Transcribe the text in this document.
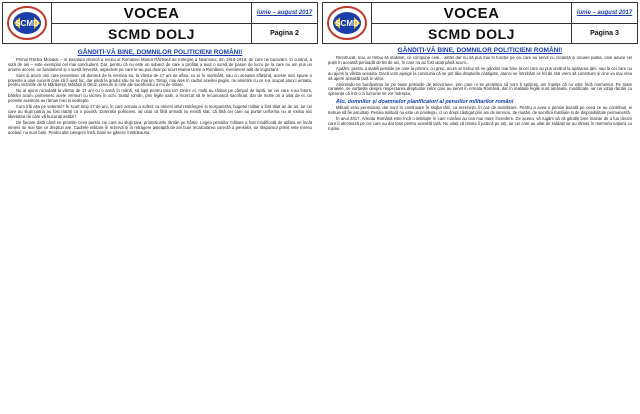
SCMD
VOCEA	iunie – august 2017
SCMD DOLJ	Pagina 2
GÂNDIȚI-VĂ BINE, DOMNILOR POLITICIENI ROMÂNI!

Primul Război Mondial – în literatura istorică a evului al României Marea Războiul de Întregire a Neamului, din 1916-1918, de care ne bucurăm. În curând, a sută de ani – este exemplul cel mai concludent. Dar, pentru că nu este un subiect de care a profitat a avut o sumă de pasuri de lucru pe la care nu am pus un anume accent, un fundament și o sursă ferventă, aspectele pe care le-au pus doar pe scurt Marea Unire a României, eveniment atât de important.

Sunt și acum unii care povestesc că domnul de la vremea sa, la vârsta de 17 ani se aflau, cu ei în mormânt, sau cu aceasta sfârșind, aceste mici spune o poveste a unei cuceriri care să fi avut loc, dar până la gradul său nu se mai țin. Totuși, mai ales în cadrul acestei pagini, ne amintim cu ce s-a ocupat atunci armata, pentru victoriile de la Mărășești, Mărăști și Oituz, precum și cele ale sacrificiului a mii de ostași.

Nu ai ajuns niciodată la vârsta de 17 ani cu o armă în mână, să lupți pentru țara ta? Dintre ei, mulți au rămas pe câmpul de luptă, iar cei care s-au întors, bătrâni acum, pomenesc acele vremuri cu lacrimi în ochi. Statul român, prin legile sale, a încercat să le recunoască sacrificiul, dar de multe ori a uitat de ei, iar pensiile acestora au rămas mici și nedrepte.

Cum trăi așa pe veterani? În scurt timp 27 de ani, în care armata a suferit ca nimeni altul restrângeri și reorganizări, bugetul militar a fost tăiat an de an, iar cei care au slujit patria au fost tratați ca o povară. Domnilor politicieni, ați uitat că fără armată nu există stat, că fără cei care au purtat uniforma nu ar exista nici libertatea de care vă bucurați astăzi?

De fiecare dată când se promite ceva pentru cei care au slujit țara, promisiunile rămân pe hârtie. Legea pensiilor militare a fost modificată de atâtea ori încât nimeni nu mai știe ce drepturi are. Cadrele militare în rezervă și în retragere așteaptă de ani buni recalcularea corectă a pensiilor, iar răspunsul primit este mereu același: nu sunt bani. Pentru alte categorii însă, banii se găsesc întotdeauna.

SCMD
VOCEA	iunie – august 2017
SCMD DOLJ	Pagina 3
GÂNDIȚI-VĂ BINE, DOMNILOR POLITICIENI ROMÂNI!

Reîntrucât, mai, ar trebui să stabilim, ce compune cele... astfel dar nu să pus mai în funcție pe cei care au servit cu credință și onoare patria, care aduce cel puțin în această perioadă de 50 de ani, în care nu au fost uitați până acum...

Ajutăm, pentru a stabili pensiile pe care la primim, cu greu, acum ar trebui să ne gândim mai bine la cei care au pus umărul la apărarea țării, sau la cei care nu au ajuns la vârsta aceasta. Dacă vom ajunge la concluzia că se pot tăia drepturile câștigate, atunci ne întrebăm ce fel de stat vrem să construim și cine va mai vrea să apere această țară în viitor.

Amintindu-ne bunăvoința lor pe toate posturile de televiziune, prin care ni se promitea că vom fi sprijiniți, am înțeles că nu este încă momentul. Pe toate canalele, se vorbește despre respectarea drepturilor celor care au servit în Armata Română, dar în realitate legile sunt amânate, modificate, iar cei vizați rămân cu speranța că într-o zi lucrurile se vor îndrepta.

Alo, domnilor și doamnelor planificatori al pensiilor militarilor români

Militarii erau pensionați, dar sunt în continuare în slujba țării, ca rezerviști, în caz de mobilizare. Pentru a avea o pensie bazată pe ceea ce au contribuit, ei trebuie să fie ascultați. Pensia militară nu este un privilegiu, ci un drept câștigat prin ani de serviciu, de mutări, de sacrificii familiale și de disponibilitate permanentă.

În anul 2017, Armata Română este încă o instituție în care românii au cea mai mare încredere. De aceea, vă rugăm să vă gândiți bine înainte de a lua decizii care îi afectează pe cei care au dat totul pentru această țară. Nu uitați că istoria îi judecă pe toți, iar cei care au uitat de soldații lor au rămas în memoria națiunii cu rușine.
